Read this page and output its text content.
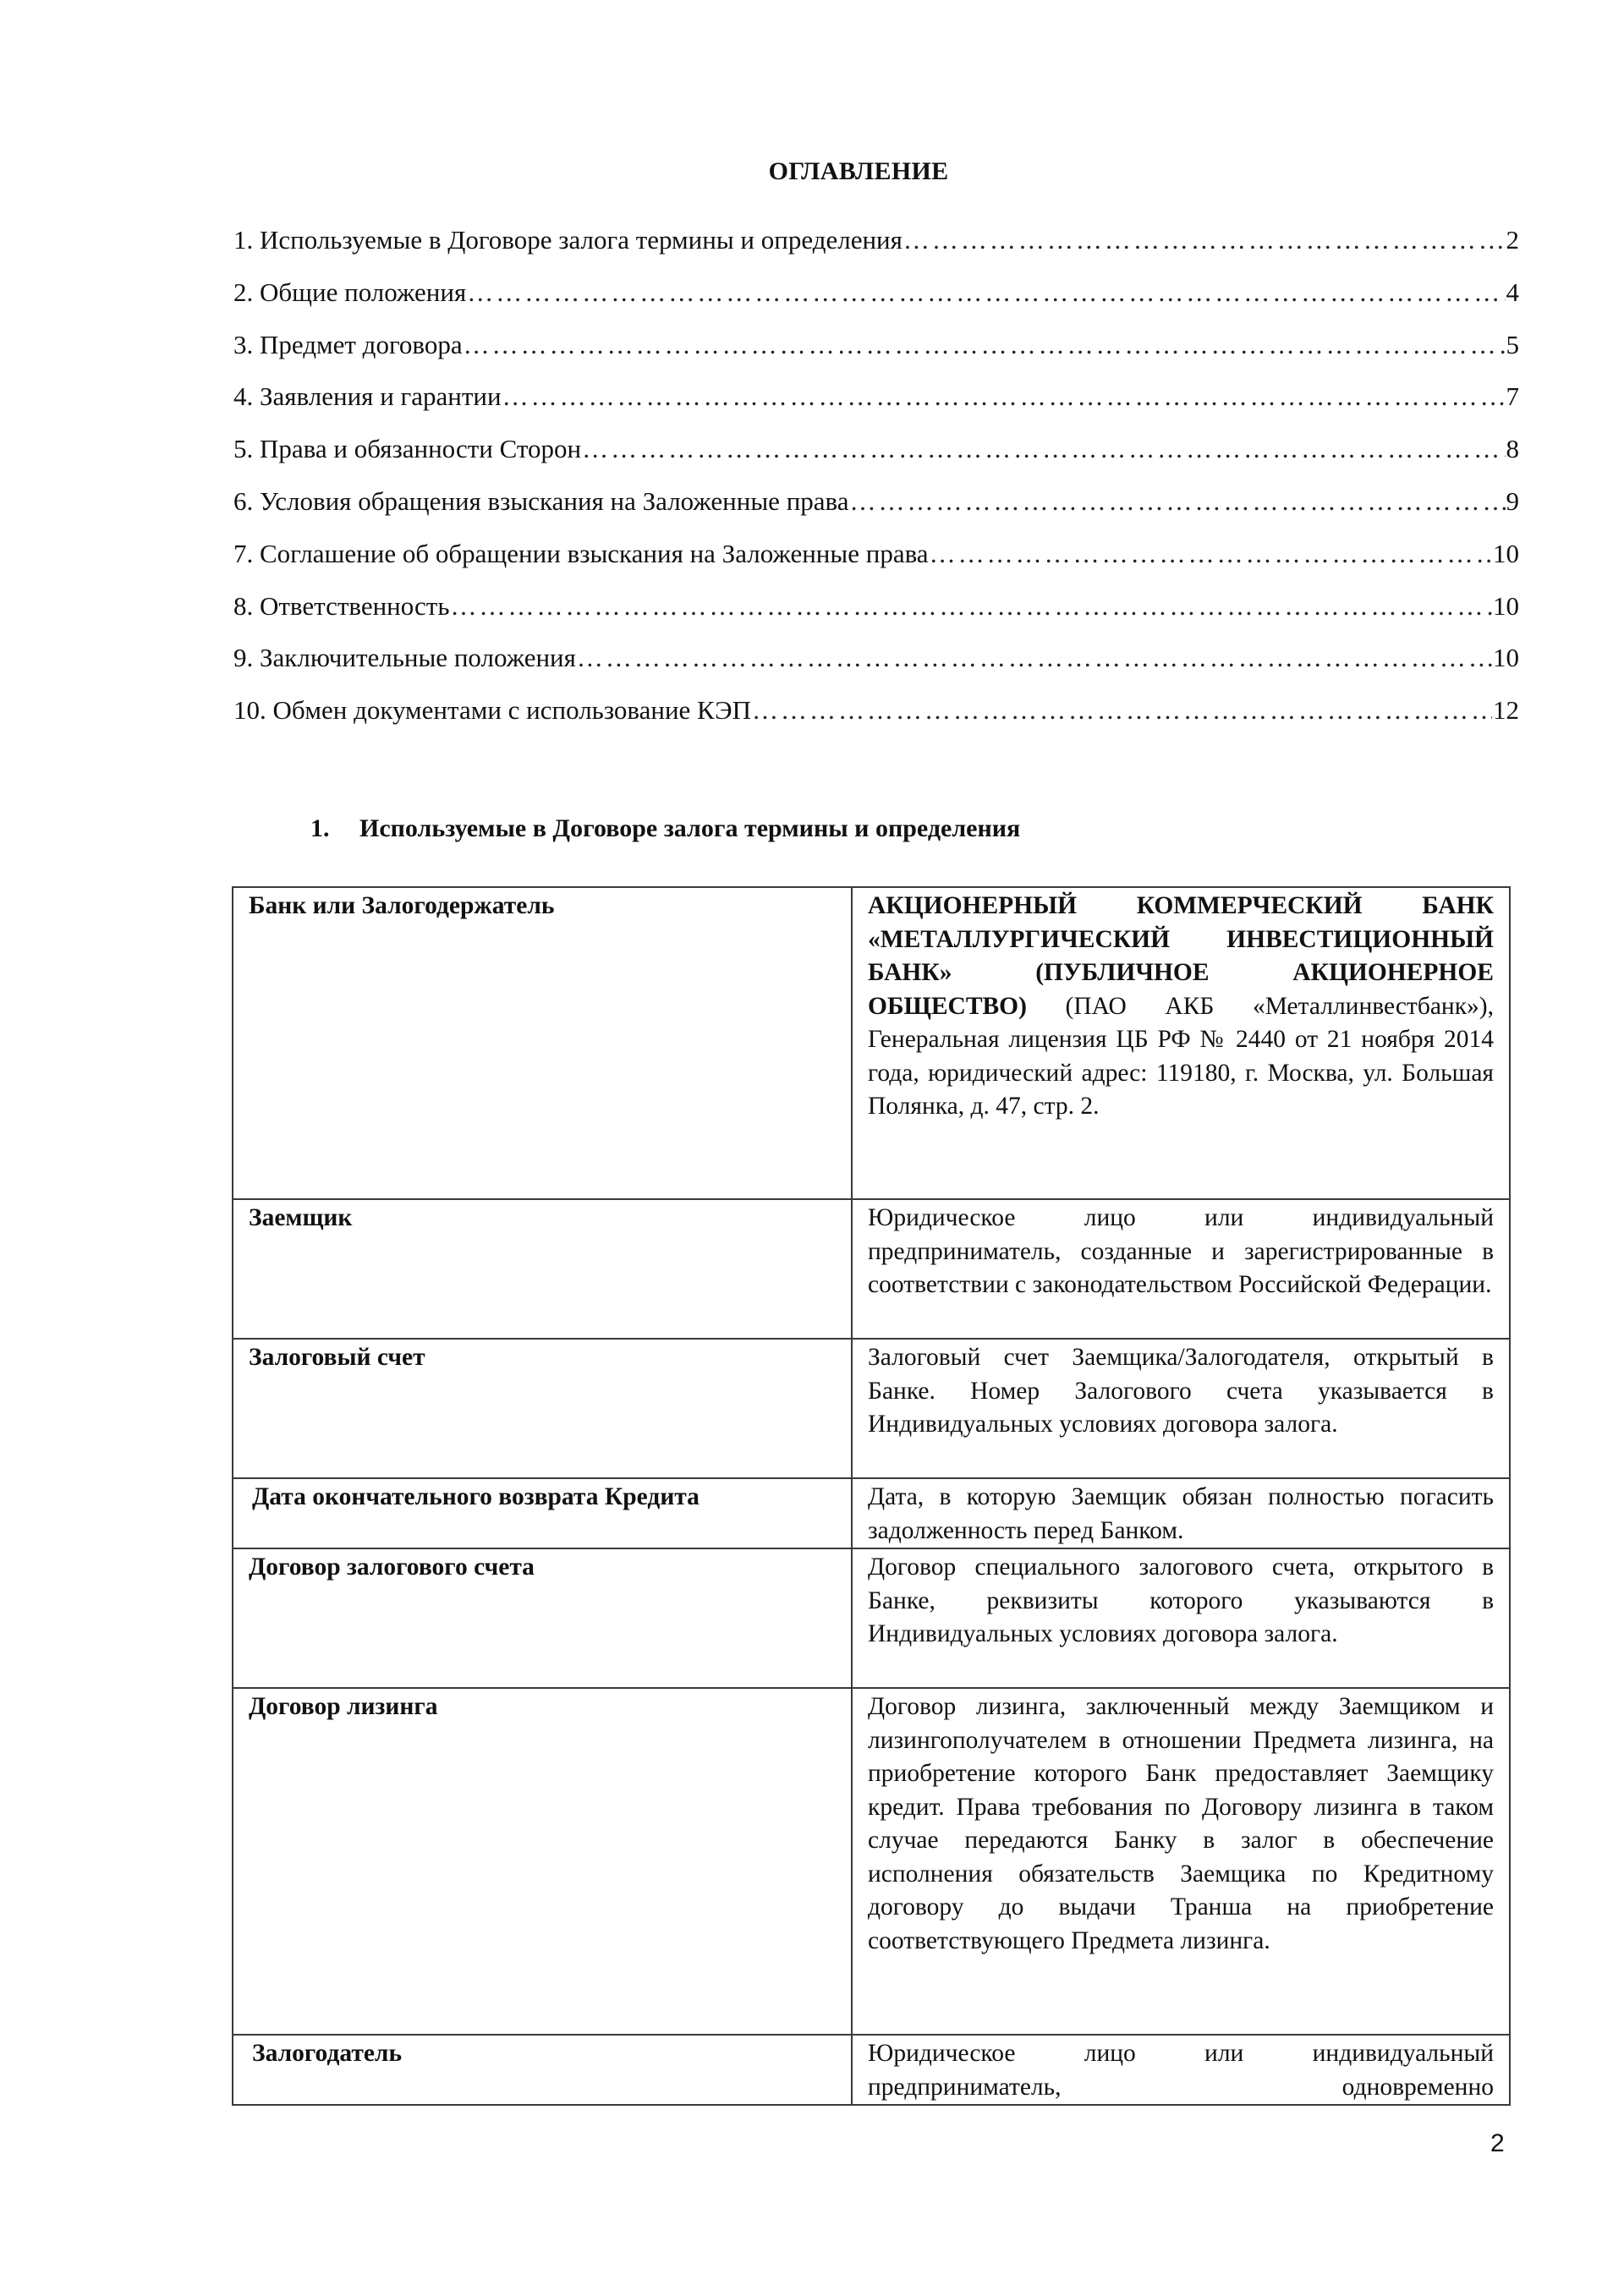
ОГЛАВЛЕНИЕ
1. Используемые в Договоре залога термины и определения ……………………………………………………………………………………………………………………………………………………………………………………………………………………	2
2. Общие положения ……………………………………………………………………………………………………………………………………………………………………………………………………………………	4
3. Предмет договора ……………………………………………………………………………………………………………………………………………………………………………………………………………………	5
4. Заявления и гарантии ……………………………………………………………………………………………………………………………………………………………………………………………………………………	7
5. Права и обязанности Сторон ……………………………………………………………………………………………………………………………………………………………………………………………………………………	8
6. Условия обращения взыскания на Заложенные права ……………………………………………………………………………………………………………………………………………………………………………………………………………………	9
7. Соглашение об обращении взыскания на Заложенные права ……………………………………………………………………………………………………………………………………………………………………………………………………………………	10
8. Ответственность ……………………………………………………………………………………………………………………………………………………………………………………………………………………	10
9. Заключительные положения ……………………………………………………………………………………………………………………………………………………………………………………………………………………	10
10. Обмен документами с использование КЭП ……………………………………………………………………………………………………………………………………………………………………………………………………………………	12
1. Используемые в Договоре залога термины и определения
Банк или Залогодержатель	АКЦИОНЕРНЫЙ КОММЕРЧЕСКИЙ БАНК «МЕТАЛЛУРГИЧЕСКИЙ ИНВЕСТИЦИОННЫЙ БАНК» (ПУБЛИЧНОЕ АКЦИОНЕРНОЕ ОБЩЕСТВО) (ПАО АКБ «Металлинвестбанк»), Генеральная лицензия ЦБ РФ № 2440 от 21 ноября 2014 года, юридический адрес: 119180, г. Москва, ул. Большая Полянка, д. 47, стр. 2.
Заемщик	Юридическое лицо или индивидуальный предприниматель, созданные и зарегистрированные в соответствии с законодательством Российской Федерации.
Залоговый счет	Залоговый счет Заемщика/Залогодателя, открытый в Банке. Номер Залогового счета указывается в Индивидуальных условиях договора залога.
Дата окончательного возврата Кредита	Дата, в которую Заемщик обязан полностью погасить задолженность перед Банком.
Договор залогового счета	Договор специального залогового счета, открытого в Банке, реквизиты которого указываются в Индивидуальных условиях договора залога.
Договор лизинга	Договор лизинга, заключенный между Заемщиком и лизингополучателем в отношении Предмета лизинга, на приобретение которого Банк предоставляет Заемщику кредит. Права требования по Договору лизинга в таком случае передаются Банку в залог в обеспечение исполнения обязательств Заемщика по Кредитному договору до выдачи Транша на приобретение соответствующего Предмета лизинга.
Залогодатель	Юридическое лицо или индивидуальный предприниматель, одновременно
2
